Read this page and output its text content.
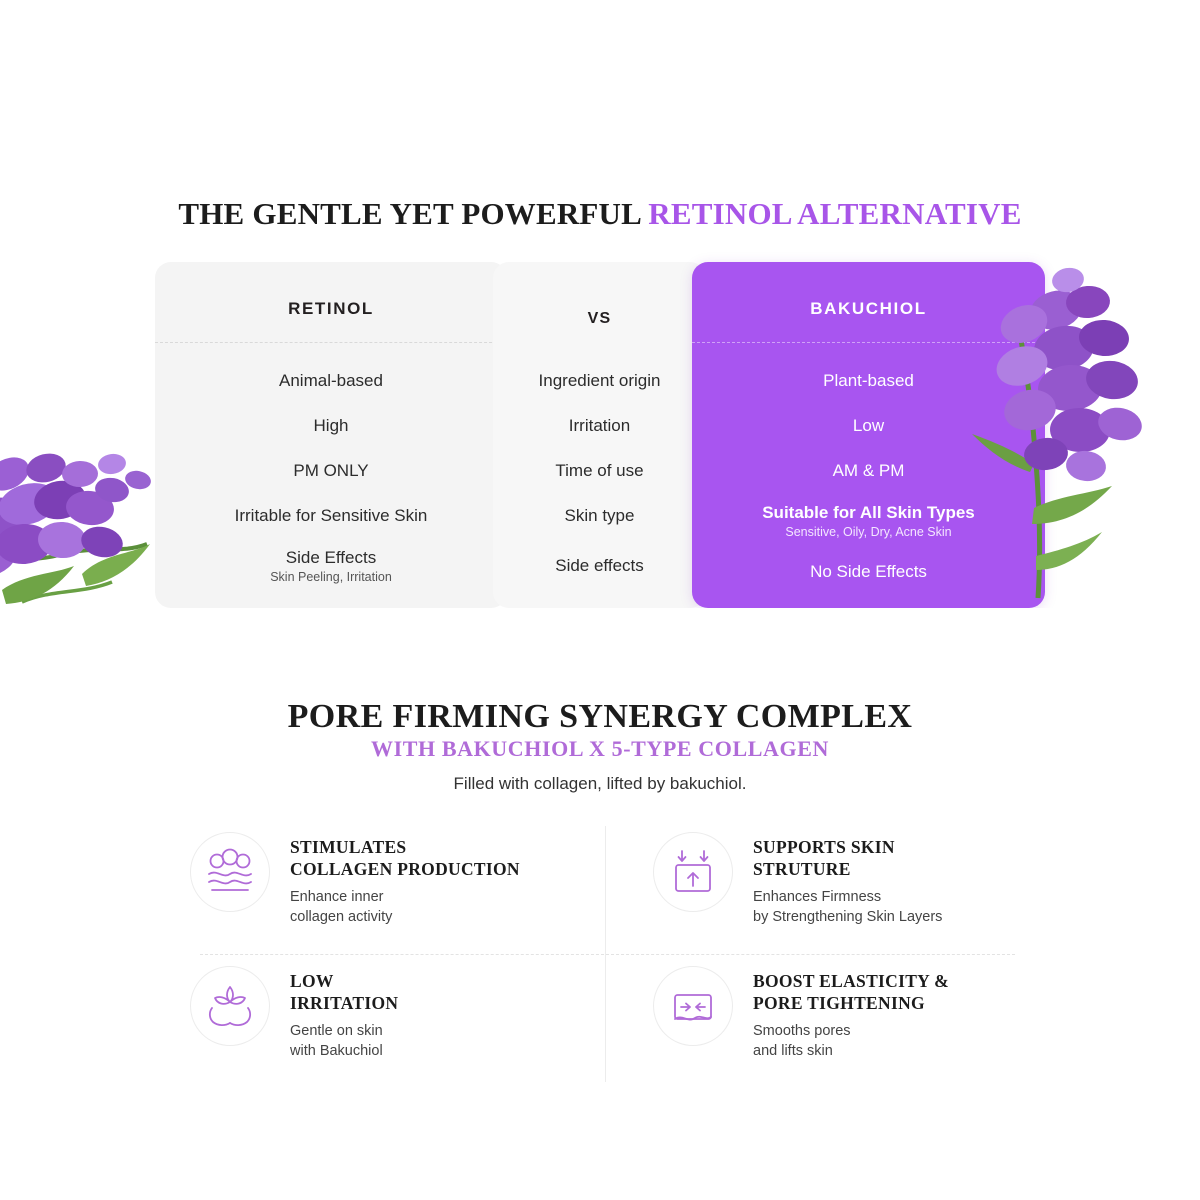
THE GENTLE YET POWERFUL RETINOL ALTERNATIVE
RETINOL
Animal-based
High
PM ONLY
Irritable for Sensitive Skin
Side Effects
Skin Peeling, Irritation
VS
Ingredient origin
Irritation
Time of use
Skin type
Side effects
BAKUCHIOL
Plant-based
Low
AM & PM
Suitable for All Skin Types
Sensitive, Oily, Dry, Acne Skin
No Side Effects
PORE FIRMING SYNERGY COMPLEX
WITH BAKUCHIOL X 5-TYPE COLLAGEN

Filled with collagen, lifted by bakuchiol.

STIMULATES
COLLAGEN PRODUCTION
Enhance inner
collagen activity
SUPPORTS SKIN
STRUTURE
Enhances Firmness
by Strengthening Skin Layers
LOW
IRRITATION
Gentle on skin
with Bakuchiol
BOOST ELASTICITY &
PORE TIGHTENING
Smooths pores
and lifts skin
